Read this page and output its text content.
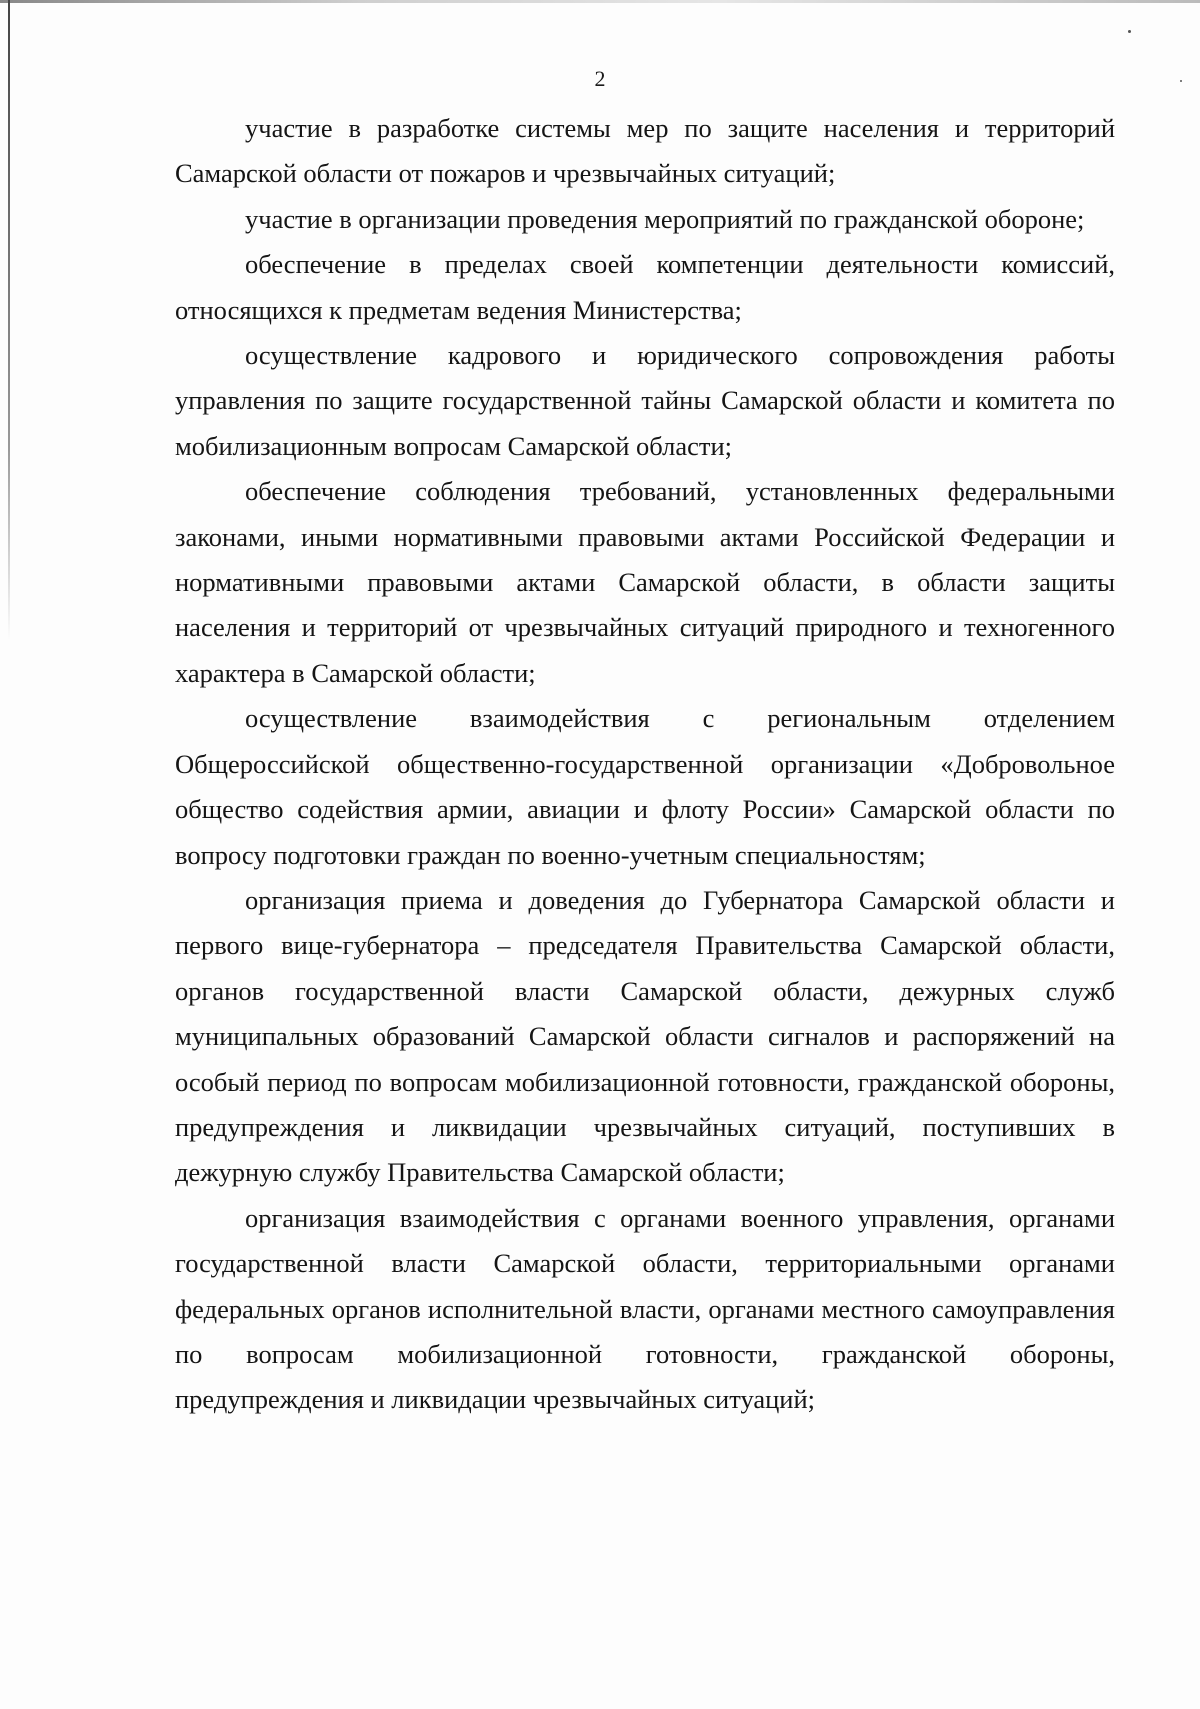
2

участие в разработке системы мер по защите населения и территорий Самарской области от пожаров и чрезвычайных ситуаций;

участие в организации проведения мероприятий по гражданской обороне;

обеспечение в пределах своей компетенции деятельности комиссий, относящихся к предметам ведения Министерства;

осуществление кадрового и юридического сопровождения работы управления по защите государственной тайны Самарской области и комитета по мобилизационным вопросам Самарской области;

обеспечение соблюдения требований, установленных федеральными законами, иными нормативными правовыми актами Российской Федерации и нормативными правовыми актами Самарской области, в области защиты населения и территорий от чрезвычайных ситуаций природного и техногенного характера в Самарской области;

осуществление взаимодействия с региональным отделением Общероссийской общественно-государственной организации «Добровольное общество содействия армии, авиации и флоту России» Самарской области по вопросу подготовки граждан по военно-учетным специальностям;

организация приема и доведения до Губернатора Самарской области и первого вице-губернатора – председателя Правительства Самарской области, органов государственной власти Самарской области, дежурных служб муниципальных образований Самарской области сигналов и распоряжений на особый период по вопросам мобилизационной готовности, гражданской обороны, предупреждения и ликвидации чрезвычайных ситуаций, поступивших в дежурную службу Правительства Самарской области;

организация взаимодействия с органами военного управления, органами государственной власти Самарской области, территориальными органами федеральных органов исполнительной власти, органами местного самоуправления по вопросам мобилизационной готовности, гражданской обороны, предупреждения и ликвидации чрезвычайных ситуаций;
